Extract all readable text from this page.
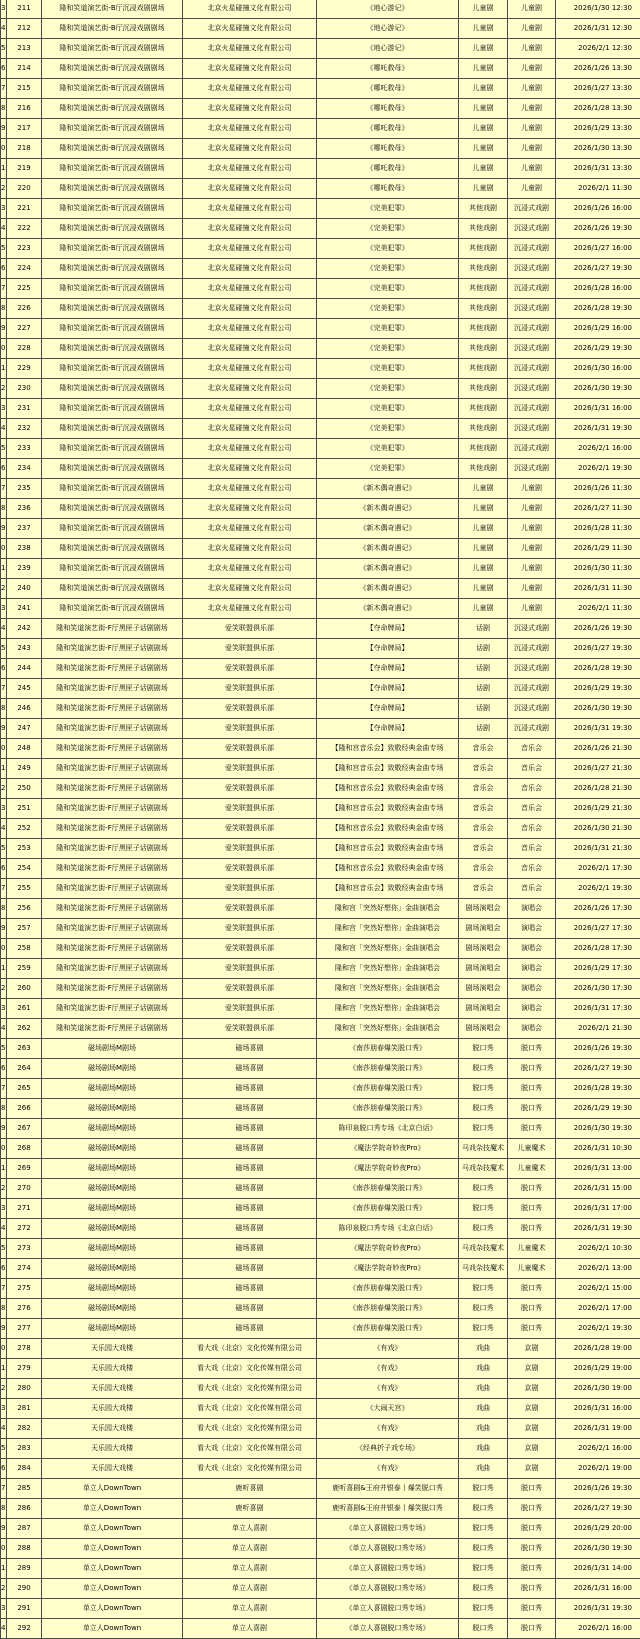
3	211	隆和笑道演艺街-B厅沉浸戏剧剧场	北京火星碰撞文化有限公司	《地心游记》	儿童剧	儿童剧	2026/1/30 12:30
4	212	隆和笑道演艺街-B厅沉浸戏剧剧场	北京火星碰撞文化有限公司	《地心游记》	儿童剧	儿童剧	2026/1/31 12:30
5	213	隆和笑道演艺街-B厅沉浸戏剧剧场	北京火星碰撞文化有限公司	《地心游记》	儿童剧	儿童剧	2026/2/1 12:30
6	214	隆和笑道演艺街-B厅沉浸戏剧剧场	北京火星碰撞文化有限公司	《哪吒救母》	儿童剧	儿童剧	2026/1/26 13:30
7	215	隆和笑道演艺街-B厅沉浸戏剧剧场	北京火星碰撞文化有限公司	《哪吒救母》	儿童剧	儿童剧	2026/1/27 13:30
8	216	隆和笑道演艺街-B厅沉浸戏剧剧场	北京火星碰撞文化有限公司	《哪吒救母》	儿童剧	儿童剧	2026/1/28 13:30
9	217	隆和笑道演艺街-B厅沉浸戏剧剧场	北京火星碰撞文化有限公司	《哪吒救母》	儿童剧	儿童剧	2026/1/29 13:30
0	218	隆和笑道演艺街-B厅沉浸戏剧剧场	北京火星碰撞文化有限公司	《哪吒救母》	儿童剧	儿童剧	2026/1/30 13:30
1	219	隆和笑道演艺街-B厅沉浸戏剧剧场	北京火星碰撞文化有限公司	《哪吒救母》	儿童剧	儿童剧	2026/1/31 13:30
2	220	隆和笑道演艺街-B厅沉浸戏剧剧场	北京火星碰撞文化有限公司	《哪吒救母》	儿童剧	儿童剧	2026/2/1 11:30
3	221	隆和笑道演艺街-B厅沉浸戏剧剧场	北京火星碰撞文化有限公司	《完美犯罪》	其他戏剧	沉浸式戏剧	2026/1/26 16:00
4	222	隆和笑道演艺街-B厅沉浸戏剧剧场	北京火星碰撞文化有限公司	《完美犯罪》	其他戏剧	沉浸式戏剧	2026/1/26 19:30
5	223	隆和笑道演艺街-B厅沉浸戏剧剧场	北京火星碰撞文化有限公司	《完美犯罪》	其他戏剧	沉浸式戏剧	2026/1/27 16:00
6	224	隆和笑道演艺街-B厅沉浸戏剧剧场	北京火星碰撞文化有限公司	《完美犯罪》	其他戏剧	沉浸式戏剧	2026/1/27 19:30
7	225	隆和笑道演艺街-B厅沉浸戏剧剧场	北京火星碰撞文化有限公司	《完美犯罪》	其他戏剧	沉浸式戏剧	2026/1/28 16:00
8	226	隆和笑道演艺街-B厅沉浸戏剧剧场	北京火星碰撞文化有限公司	《完美犯罪》	其他戏剧	沉浸式戏剧	2026/1/28 19:30
9	227	隆和笑道演艺街-B厅沉浸戏剧剧场	北京火星碰撞文化有限公司	《完美犯罪》	其他戏剧	沉浸式戏剧	2026/1/29 16:00
0	228	隆和笑道演艺街-B厅沉浸戏剧剧场	北京火星碰撞文化有限公司	《完美犯罪》	其他戏剧	沉浸式戏剧	2026/1/29 19:30
1	229	隆和笑道演艺街-B厅沉浸戏剧剧场	北京火星碰撞文化有限公司	《完美犯罪》	其他戏剧	沉浸式戏剧	2026/1/30 16:00
2	230	隆和笑道演艺街-B厅沉浸戏剧剧场	北京火星碰撞文化有限公司	《完美犯罪》	其他戏剧	沉浸式戏剧	2026/1/30 19:30
3	231	隆和笑道演艺街-B厅沉浸戏剧剧场	北京火星碰撞文化有限公司	《完美犯罪》	其他戏剧	沉浸式戏剧	2026/1/31 16:00
4	232	隆和笑道演艺街-B厅沉浸戏剧剧场	北京火星碰撞文化有限公司	《完美犯罪》	其他戏剧	沉浸式戏剧	2026/1/31 19:30
5	233	隆和笑道演艺街-B厅沉浸戏剧剧场	北京火星碰撞文化有限公司	《完美犯罪》	其他戏剧	沉浸式戏剧	2026/2/1 16:00
6	234	隆和笑道演艺街-B厅沉浸戏剧剧场	北京火星碰撞文化有限公司	《完美犯罪》	其他戏剧	沉浸式戏剧	2026/2/1 19:30
7	235	隆和笑道演艺街-B厅沉浸戏剧剧场	北京火星碰撞文化有限公司	《新木偶奇遇记》	儿童剧	儿童剧	2026/1/26 11:30
8	236	隆和笑道演艺街-B厅沉浸戏剧剧场	北京火星碰撞文化有限公司	《新木偶奇遇记》	儿童剧	儿童剧	2026/1/27 11:30
9	237	隆和笑道演艺街-B厅沉浸戏剧剧场	北京火星碰撞文化有限公司	《新木偶奇遇记》	儿童剧	儿童剧	2026/1/28 11:30
0	238	隆和笑道演艺街-B厅沉浸戏剧剧场	北京火星碰撞文化有限公司	《新木偶奇遇记》	儿童剧	儿童剧	2026/1/29 11:30
1	239	隆和笑道演艺街-B厅沉浸戏剧剧场	北京火星碰撞文化有限公司	《新木偶奇遇记》	儿童剧	儿童剧	2026/1/30 11:30
2	240	隆和笑道演艺街-B厅沉浸戏剧剧场	北京火星碰撞文化有限公司	《新木偶奇遇记》	儿童剧	儿童剧	2026/1/31 11:30
3	241	隆和笑道演艺街-B厅沉浸戏剧剧场	北京火星碰撞文化有限公司	《新木偶奇遇记》	儿童剧	儿童剧	2026/2/1 11:30
4	242	隆和笑道演艺街-F厅黑匣子话剧剧场	爱笑联盟俱乐部	【夺命牌局】	话剧	沉浸式戏剧	2026/1/26 19:30
5	243	隆和笑道演艺街-F厅黑匣子话剧剧场	爱笑联盟俱乐部	【夺命牌局】	话剧	沉浸式戏剧	2026/1/27 19:30
6	244	隆和笑道演艺街-F厅黑匣子话剧剧场	爱笑联盟俱乐部	【夺命牌局】	话剧	沉浸式戏剧	2026/1/28 19:30
7	245	隆和笑道演艺街-F厅黑匣子话剧剧场	爱笑联盟俱乐部	【夺命牌局】	话剧	沉浸式戏剧	2026/1/29 19:30
8	246	隆和笑道演艺街-F厅黑匣子话剧剧场	爱笑联盟俱乐部	【夺命牌局】	话剧	沉浸式戏剧	2026/1/30 19:30
9	247	隆和笑道演艺街-F厅黑匣子话剧剧场	爱笑联盟俱乐部	【夺命牌局】	话剧	沉浸式戏剧	2026/1/31 19:30
0	248	隆和笑道演艺街-F厅黑匣子话剧剧场	爱笑联盟俱乐部	【隆和宫音乐会】致敬经典金曲专场	音乐会	音乐会	2026/1/26 21:30
1	249	隆和笑道演艺街-F厅黑匣子话剧剧场	爱笑联盟俱乐部	【隆和宫音乐会】致敬经典金曲专场	音乐会	音乐会	2026/1/27 21:30
2	250	隆和笑道演艺街-F厅黑匣子话剧剧场	爱笑联盟俱乐部	【隆和宫音乐会】致敬经典金曲专场	音乐会	音乐会	2026/1/28 21:30
3	251	隆和笑道演艺街-F厅黑匣子话剧剧场	爱笑联盟俱乐部	【隆和宫音乐会】致敬经典金曲专场	音乐会	音乐会	2026/1/29 21:30
4	252	隆和笑道演艺街-F厅黑匣子话剧剧场	爱笑联盟俱乐部	【隆和宫音乐会】致敬经典金曲专场	音乐会	音乐会	2026/1/30 21:30
5	253	隆和笑道演艺街-F厅黑匣子话剧剧场	爱笑联盟俱乐部	【隆和宫音乐会】致敬经典金曲专场	音乐会	音乐会	2026/1/31 21:30
6	254	隆和笑道演艺街-F厅黑匣子话剧剧场	爱笑联盟俱乐部	【隆和宫音乐会】致敬经典金曲专场	音乐会	音乐会	2026/2/1 17:30
7	255	隆和笑道演艺街-F厅黑匣子话剧剧场	爱笑联盟俱乐部	【隆和宫音乐会】致敬经典金曲专场	音乐会	音乐会	2026/2/1 19:30
8	256	隆和笑道演艺街-F厅黑匣子话剧剧场	爱笑联盟俱乐部	隆和宫「突然好想你」金曲演唱会	剧场演唱会	演唱会	2026/1/26 17:30
9	257	隆和笑道演艺街-F厅黑匣子话剧剧场	爱笑联盟俱乐部	隆和宫「突然好想你」金曲演唱会	剧场演唱会	演唱会	2026/1/27 17:30
0	258	隆和笑道演艺街-F厅黑匣子话剧剧场	爱笑联盟俱乐部	隆和宫「突然好想你」金曲演唱会	剧场演唱会	演唱会	2026/1/28 17:30
1	259	隆和笑道演艺街-F厅黑匣子话剧剧场	爱笑联盟俱乐部	隆和宫「突然好想你」金曲演唱会	剧场演唱会	演唱会	2026/1/29 17:30
2	260	隆和笑道演艺街-F厅黑匣子话剧剧场	爱笑联盟俱乐部	隆和宫「突然好想你」金曲演唱会	剧场演唱会	演唱会	2026/1/30 17:30
3	261	隆和笑道演艺街-F厅黑匣子话剧剧场	爱笑联盟俱乐部	隆和宫「突然好想你」金曲演唱会	剧场演唱会	演唱会	2026/1/31 17:30
4	262	隆和笑道演艺街-F厅黑匣子话剧剧场	爱笑联盟俱乐部	隆和宫「突然好想你」金曲演唱会	剧场演唱会	演唱会	2026/2/1 21:30
5	263	磁场剧场M剧场	磁场喜剧	《南莎朋春爆笑脱口秀》	脱口秀	脱口秀	2026/1/26 19:30
6	264	磁场剧场M剧场	磁场喜剧	《南莎朋春爆笑脱口秀》	脱口秀	脱口秀	2026/1/27 19:30
7	265	磁场剧场M剧场	磁场喜剧	《南莎朋春爆笑脱口秀》	脱口秀	脱口秀	2026/1/28 19:30
8	266	磁场剧场M剧场	磁场喜剧	《南莎朋春爆笑脱口秀》	脱口秀	脱口秀	2026/1/29 19:30
9	267	磁场剧场M剧场	磁场喜剧	陈印泉脱口秀专场《北京白话》	脱口秀	脱口秀	2026/1/30 19:30
0	268	磁场剧场M剧场	磁场喜剧	《魔法学院奇妙夜Pro》	马戏杂技魔术	儿童魔术	2026/1/31 10:30
1	269	磁场剧场M剧场	磁场喜剧	《魔法学院奇妙夜Pro》	马戏杂技魔术	儿童魔术	2026/1/31 13:00
2	270	磁场剧场M剧场	磁场喜剧	《南莎朋春爆笑脱口秀》	脱口秀	脱口秀	2026/1/31 15:00
3	271	磁场剧场M剧场	磁场喜剧	《南莎朋春爆笑脱口秀》	脱口秀	脱口秀	2026/1/31 17:00
4	272	磁场剧场M剧场	磁场喜剧	陈印泉脱口秀专场《北京白话》	脱口秀	脱口秀	2026/1/31 19:30
5	273	磁场剧场M剧场	磁场喜剧	《魔法学院奇妙夜Pro》	马戏杂技魔术	儿童魔术	2026/2/1 10:30
6	274	磁场剧场M剧场	磁场喜剧	《魔法学院奇妙夜Pro》	马戏杂技魔术	儿童魔术	2026/2/1 13:00
7	275	磁场剧场M剧场	磁场喜剧	《南莎朋春爆笑脱口秀》	脱口秀	脱口秀	2026/2/1 15:00
8	276	磁场剧场M剧场	磁场喜剧	《南莎朋春爆笑脱口秀》	脱口秀	脱口秀	2026/2/1 17:00
9	277	磁场剧场M剧场	磁场喜剧	《南莎朋春爆笑脱口秀》	脱口秀	脱口秀	2026/2/1 19:30
0	278	天乐园大戏楼	看大戏（北京）文化传媒有限公司	《有戏》	戏曲	京剧	2026/1/28 19:00
1	279	天乐园大戏楼	看大戏（北京）文化传媒有限公司	《有戏》	戏曲	京剧	2026/1/29 19:00
2	280	天乐园大戏楼	看大戏（北京）文化传媒有限公司	《有戏》	戏曲	京剧	2026/1/30 19:00
3	281	天乐园大戏楼	看大戏（北京）文化传媒有限公司	《大闹天宫》	戏曲	京剧	2026/1/31 16:00
4	282	天乐园大戏楼	看大戏（北京）文化传媒有限公司	《有戏》	戏曲	京剧	2026/1/31 19:00
5	283	天乐园大戏楼	看大戏（北京）文化传媒有限公司	《经典折子戏专场》	戏曲	京剧	2026/2/1 16:00
6	284	天乐园大戏楼	看大戏（北京）文化传媒有限公司	《有戏》	戏曲	京剧	2026/2/1 19:00
7	285	单立人DownTown	鹿听喜剧	鹿听喜剧&王府井银泰丨爆笑脱口秀	脱口秀	脱口秀	2026/1/26 19:30
8	286	单立人DownTown	鹿听喜剧	鹿听喜剧&王府井银泰丨爆笑脱口秀	脱口秀	脱口秀	2026/1/27 19:30
9	287	单立人DownTown	单立人喜剧	《单立人喜剧脱口秀专场》	脱口秀	脱口秀	2026/1/29 20:00
0	288	单立人DownTown	单立人喜剧	《单立人喜剧脱口秀专场》	脱口秀	脱口秀	2026/1/30 19:30
1	289	单立人DownTown	单立人喜剧	《单立人喜剧脱口秀专场》	脱口秀	脱口秀	2026/1/31 14:00
2	290	单立人DownTown	单立人喜剧	《单立人喜剧脱口秀专场》	脱口秀	脱口秀	2026/1/31 16:00
3	291	单立人DownTown	单立人喜剧	《单立人喜剧脱口秀专场》	脱口秀	脱口秀	2026/1/31 19:30
4	292	单立人DownTown	单立人喜剧	《单立人喜剧脱口秀专场》	脱口秀	脱口秀	2026/2/1 16:00
